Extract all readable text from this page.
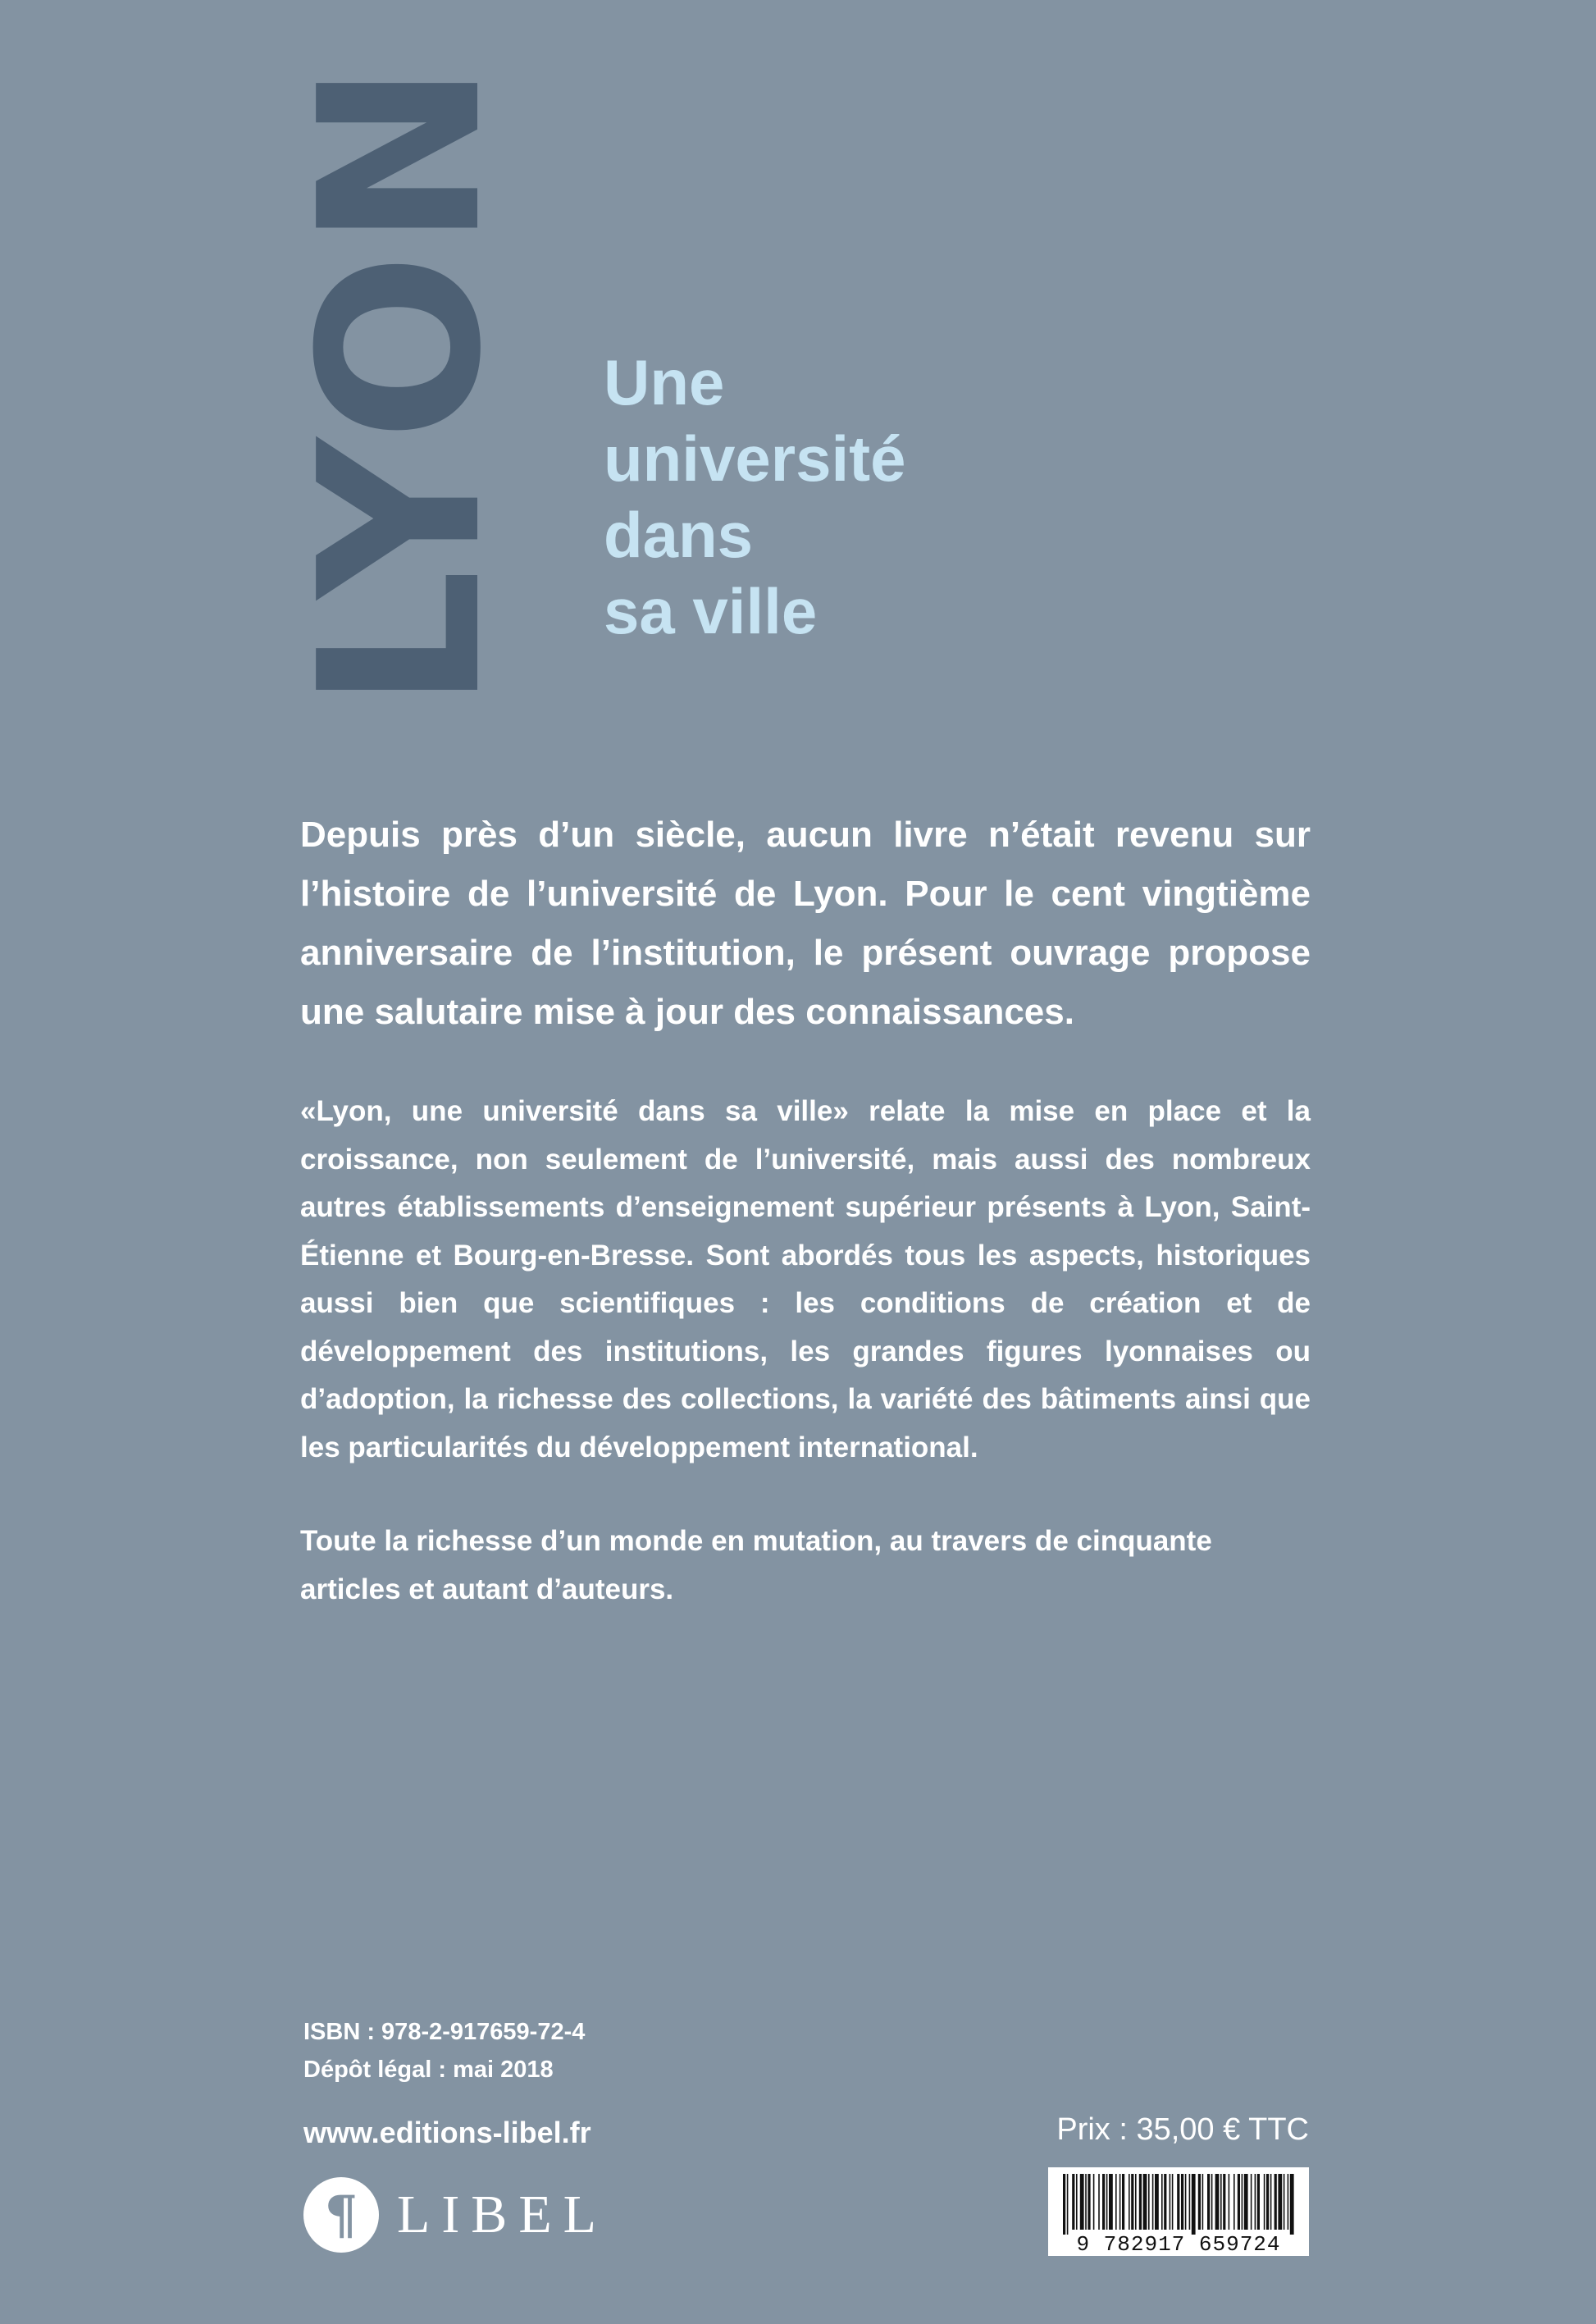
LYON Une
université
dans
sa ville
Depuis près d’un siècle, aucun livre n’était revenu sur l’histoire de l’université de Lyon. Pour le cent vingtième anniversaire de l’institution, le présent ouvrage propose une salutaire mise à jour des connaissances.
«Lyon, une université dans sa ville» relate la mise en place et la croissance, non seulement de l’université, mais aussi des nombreux autres établissements d’enseignement supérieur présents à Lyon, Saint-Étienne et Bourg-en-Bresse. Sont abordés tous les aspects, historiques aussi bien que scientifiques : les conditions de création et de développement des institutions, les grandes figures lyonnaises ou d’adoption, la richesse des collections, la variété des bâtiments ainsi que les particularités du développement international.
Toute la richesse d’un monde en mutation, au travers de cinquante articles et autant d’auteurs.
ISBN : 978-2-917659-72-4
Dépôt légal : mai 2018
www.editions-libel.fr
¶ LIBEL
Prix : 35,00 € TTC
9 782917 659724
